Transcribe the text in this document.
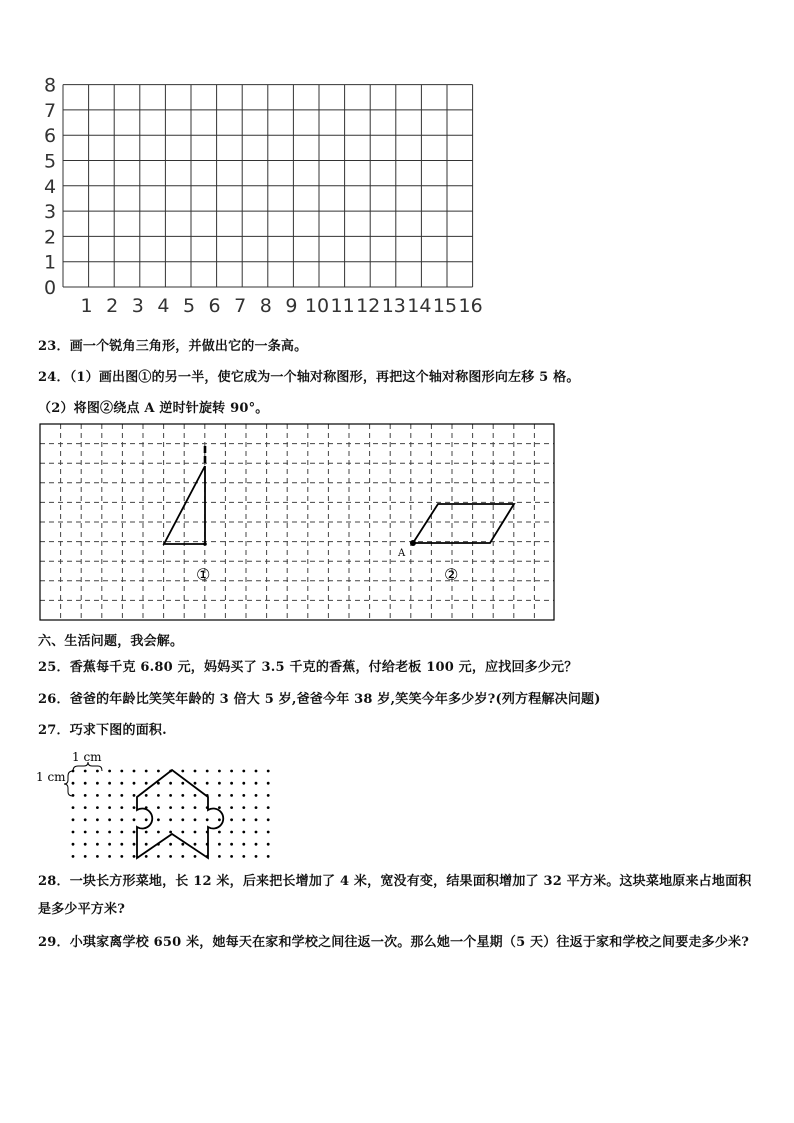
0
1
2
3
4
5
6
7
8
1 2 3 4 5 6 7 8 9 10 11 12 13 14 15 16
23．画一个锐角三角形，并做出它的一条高。
24．（1）画出图①的另一半，使它成为一个轴对称图形，再把这个轴对称图形向左移 5 格。
（2）将图②绕点 A 逆时针旋转 90°。
A
①	②
六、生活问题，我会解。
25．香蕉每千克 6.80 元，妈妈买了 3.5 千克的香蕉，付给老板 100 元，应找回多少元？
26．爸爸的年龄比笑笑年龄的 3 倍大 5 岁,爸爸今年 38 岁,笑笑今年多少岁?(列方程解决问题)
27．巧求下图的面积.
1 cm
1 cm
28．一块长方形菜地，长 12 米，后来把长增加了 4 米，宽没有变，结果面积增加了 32 平方米。这块菜地原来占地面积是多少平方米?
29．小琪家离学校 650 米，她每天在家和学校之间往返一次。那么她一个星期（5 天）往返于家和学校之间要走多少米?
